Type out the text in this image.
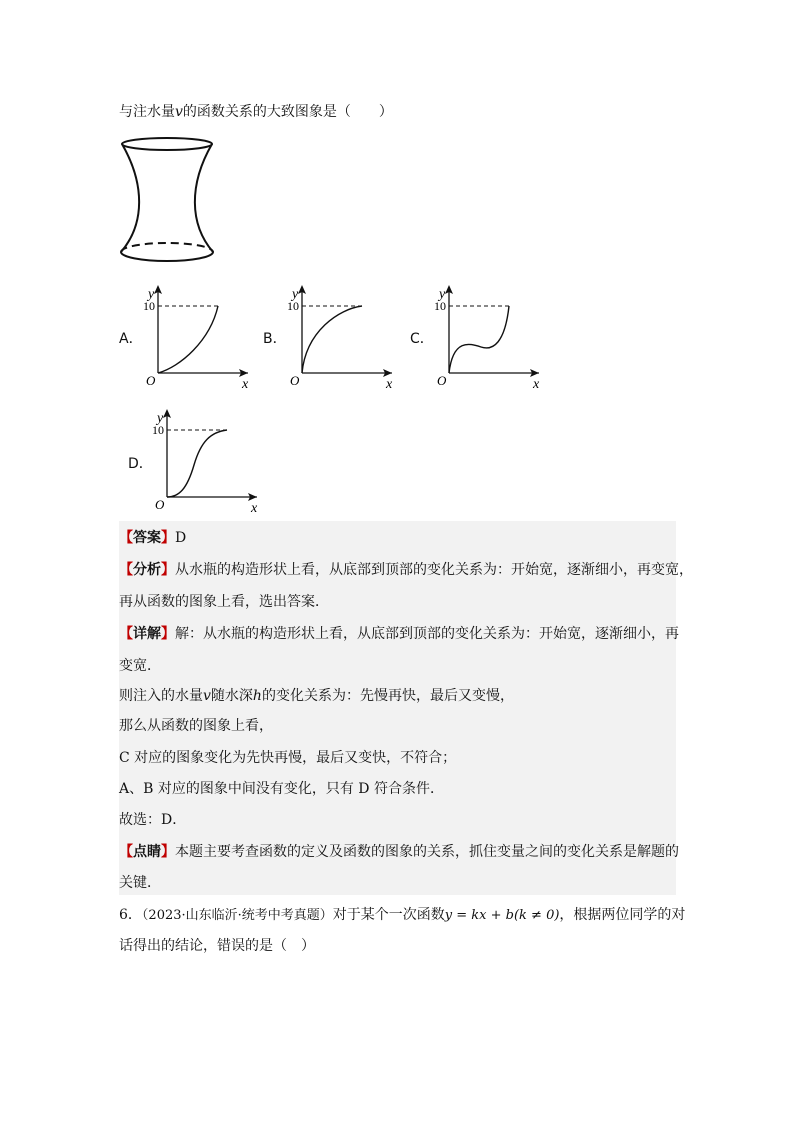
与注水量v的函数关系的大致图象是（　　）
A．
10
O
y
x
B．
10
O
y
x
C．
10
O
y
x
D．
10
O
y
x
【答案】D
【分析】从水瓶的构造形状上看，从底部到顶部的变化关系为：开始宽，逐渐细小，再变宽，
再从函数的图象上看，选出答案．
【详解】解：从水瓶的构造形状上看，从底部到顶部的变化关系为：开始宽，逐渐细小，再
变宽．
则注入的水量v随水深h的变化关系为：先慢再快，最后又变慢，
那么从函数的图象上看，
C 对应的图象变化为先快再慢，最后又变快，不符合；
A、B 对应的图象中间没有变化，只有 D 符合条件．
故选：D．
【点睛】本题主要考查函数的定义及函数的图象的关系，抓住变量之间的变化关系是解题的
关键．
6．（2023·山东临沂·统考中考真题）对于某个一次函数y = kx + b(k ≠ 0)，根据两位同学的对
话得出的结论，错误的是（　）
